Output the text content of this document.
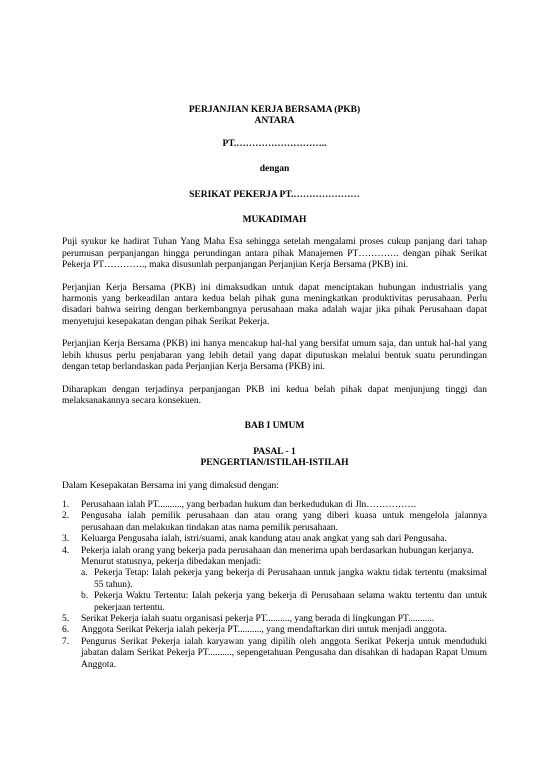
PERJANJIAN KERJA BERSAMA (PKB)
ANTARA
PT.………………………..
dengan
SERIKAT PEKERJA PT.…………………
MUKADIMAH

Puji syukur ke hadirat Tuhan Yang Maha Esa sehingga setelah mengalami proses cukup panjang dari tahap perumusan perpanjangan hingga perundingan antara pihak Manajemen PT…………. dengan pihak Serikat Pekerja PT…………., maka disusunlah perpanjangan Perjanjian Kerja Bersama (PKB) ini.

Perjanjian Kerja Bersama (PKB) ini dimaksudkan untuk dapat menciptakan hubungan industrialis yang harmonis yang berkeadilan antara kedua belah pihak guna meningkatkan produktivitas perusahaan. Perlu disadari bahwa seiring dengan berkembangnya perusahaan maka adalah wajar jika pihak Perusahaan dapat menyetujui kesepakatan dengan pihak Serikat Pekerja.

Perjanjian Kerja Bersama (PKB) ini hanya mencakup hal-hal yang bersifat umum saja, dan untuk hal-hal yang lebih khusus perlu penjabaran yang lebih detail yang dapat diputuskan melalui bentuk suatu perundingan dengan tetap berlandaskan pada Perjanjian Kerja Bersama (PKB) ini.

Diharapkan dengan terjadinya perpanjangan PKB ini kedua belah pihak dapat menjunjung tinggi dan melaksanakannya secara konsekuen.

BAB I UMUM
PASAL - 1
PENGERTIAN/ISTILAH-ISTILAH

Dalam Kesepakatan Bersama ini yang dimaksud dengan:

1.	Perusahaan ialah PT.........., yang berbadan hukum dan berkedudukan di Jln…………….
2.	Pengusaha ialah pemilik perusahaan dan atau orang yang diberi kuasa untuk mengelola jalannya perusahaan dan melakukan tindakan atas nama pemilik perusahaan.
3.	Keluarga Pengusaha ialah, istri/suami, anak kandung atau anak angkat yang sah dari Pengusaha.
4.	Pekerja ialah orang yang bekerja pada perusahaan dan menerima upah berdasarkan hubungan kerjanya.
Menurut statusnya, pekerja dibedakan menjadi:
a. Pekerja Tetap: Ialah pekerja yang bekerja di Perusahaan untuk jangka waktu tidak tertentu (maksimal 55 tahun).
b. Pekerja Waktu Tertentu: Ialah pekerja yang bekerja di Perusahaan selama waktu tertentu dan untuk pekerjaan tertentu.
5.	Serikat Pekerja ialah suatu organisasi pekerja PT.........., yang berada di lingkungan PT...........
6.	Anggota Serikat Pekerja ialah pekerja PT.........., yang mendaftarkan diri untuk menjadi anggota.
7.	Pengurus Serikat Pekerja ialah karyawan yang dipilih oleh anggota Serikat Pekerja untuk menduduki jabatan dalam Serikat Pekerja PT.........., sepengetahuan Pengusaha dan disahkan di hadapan Rapat Umum Anggota.
